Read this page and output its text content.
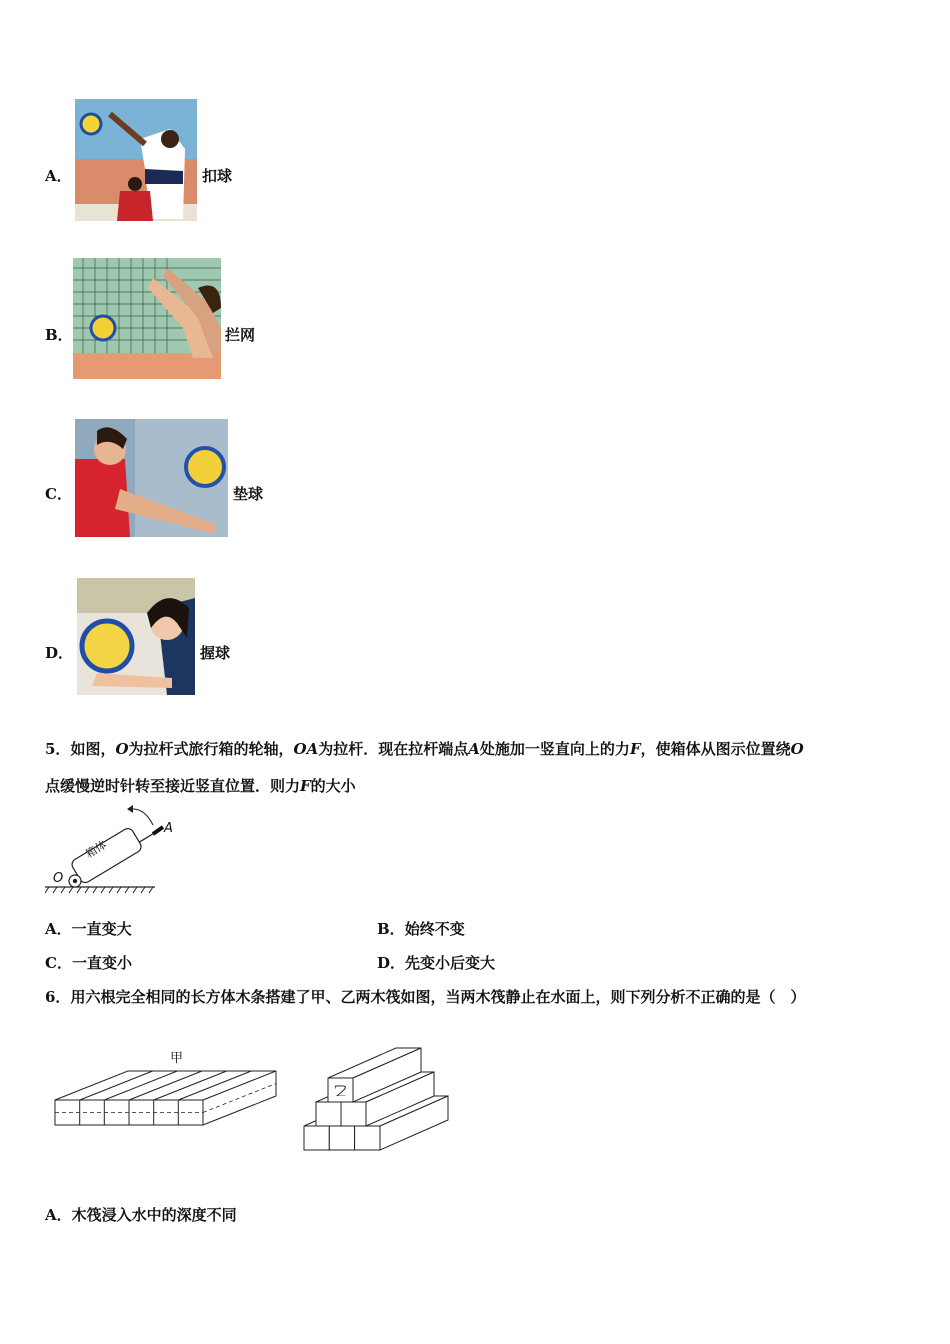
A．	扣球
B．	拦网
C．	垫球
D．	握球
5．如图，O为拉杆式旅行箱的轮轴，OA为拉杆．现在拉杆端点A处施加一竖直向上的力F，使箱体从图示位置绕O
点缓慢逆时针转至接近竖直位置．则力F的大小
箱体
O
A
A．一直变大	B．始终不变
C．一直变小	D．先变小后变大
6．用六根完全相同的长方体木条搭建了甲、乙两木筏如图，当两木筏静止在水面上，则下列分析不正确的是（　）
甲
乙
A．木筏浸入水中的深度不同
